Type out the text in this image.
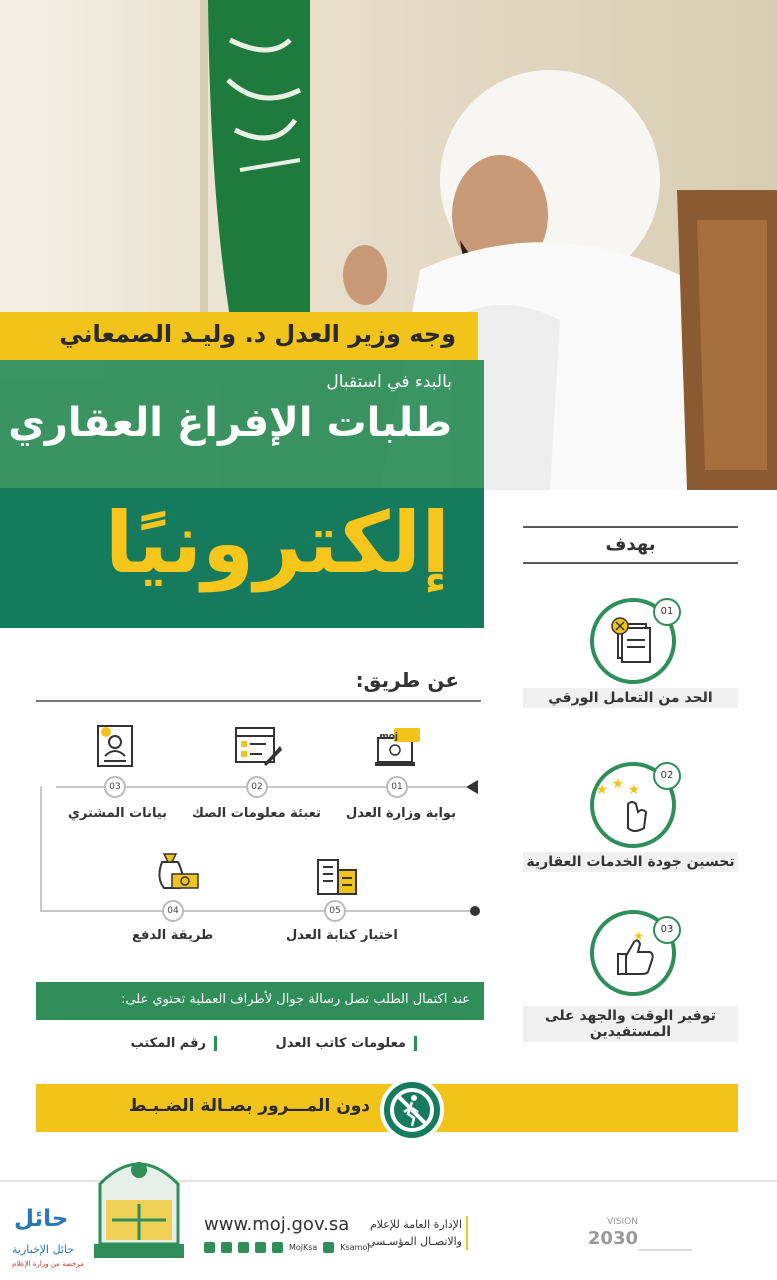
وجه وزير العدل د. وليـد الصمعاني
بالبدء في استقبال
طلبات الإفراغ العقاري
إلكترونيًا	بهدف
01
الحد من التعامل الورقي
★ ★ ★
02
تحسين جودة الخدمات العقارية
★	03
توفير الوقت والجهد على المستفيدين
عن طريق:
moj
01
بوابة وزارة العدل
02
تعبئة معلومات الصك
03
بيانات المشتري
05
اختيار كتابة العدل
04
طريقة الدفع
عند اكتمال الطلب تصل رسالة جوال لأطراف العملية تحتوي على:
معلومات كاتب العدل
رقم المكتب
دون المـــرور بصـالة الضـبـط
حائل
حائل الإخبارية
مرخصة من وزارة الإعلام
www.moj.gov.sa
MojKsa	Ksamoj
الإدارة العامة للإعلام
والاتصـال المؤسـسي
VISION
2030
